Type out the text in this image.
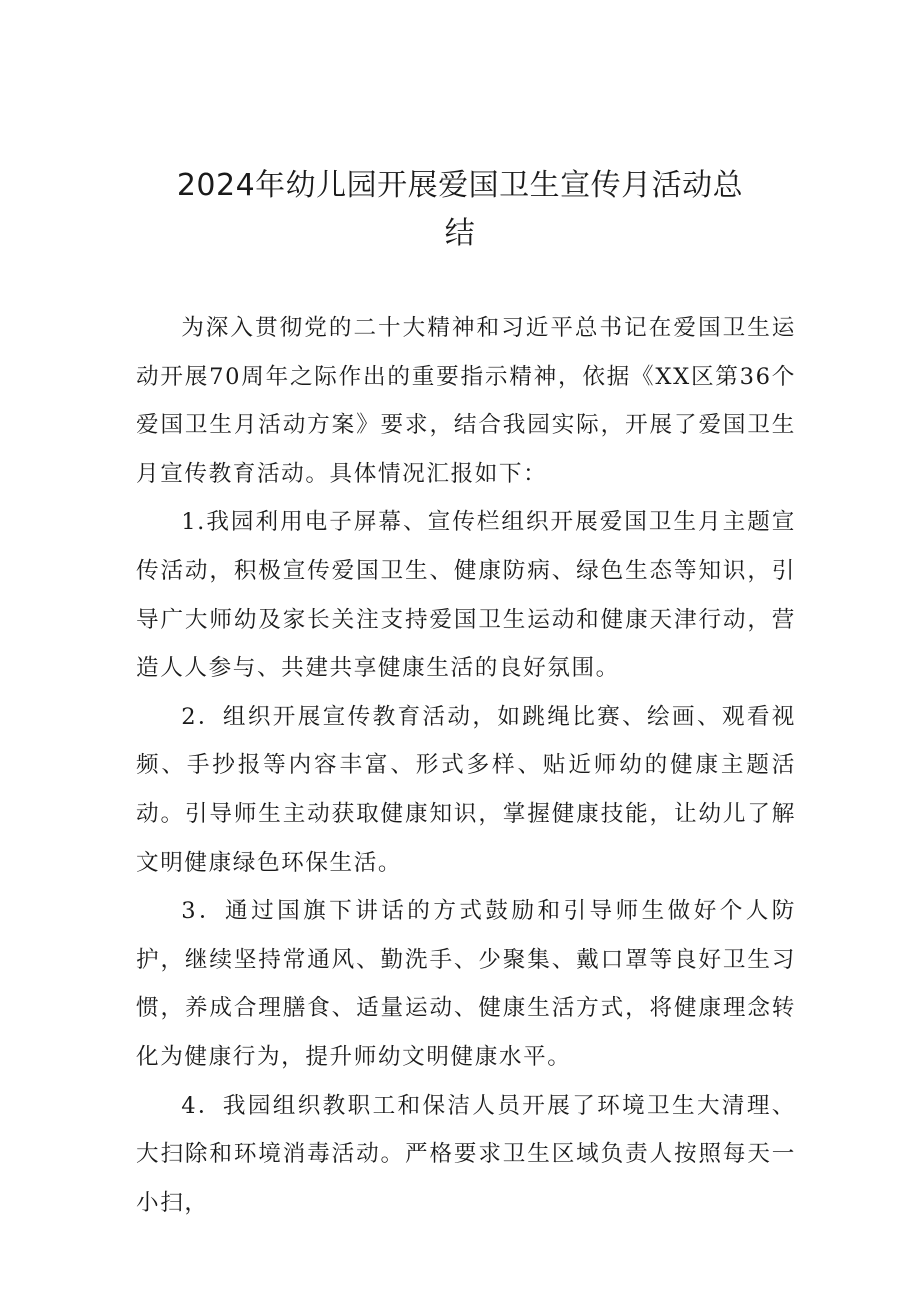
2024年幼儿园开展爱国卫生宣传月活动总
结

为深入贯彻党的二十大精神和习近平总书记在爱国卫生运动开展70周年之际作出的重要指示精神，依据《XX区第36个爱国卫生月活动方案》要求，结合我园实际，开展了爱国卫生月宣传教育活动。具体情况汇报如下：

1.我园利用电子屏幕、宣传栏组织开展爱国卫生月主题宣传活动，积极宣传爱国卫生、健康防病、绿色生态等知识，引导广大师幼及家长关注支持爱国卫生运动和健康天津行动，营造人人参与、共建共享健康生活的良好氛围。

2．组织开展宣传教育活动，如跳绳比赛、绘画、观看视频、手抄报等内容丰富、形式多样、贴近师幼的健康主题活动。引导师生主动获取健康知识，掌握健康技能，让幼儿了解文明健康绿色环保生活。

3．通过国旗下讲话的方式鼓励和引导师生做好个人防护，继续坚持常通风、勤洗手、少聚集、戴口罩等良好卫生习惯，养成合理膳食、适量运动、健康生活方式，将健康理念转化为健康行为，提升师幼文明健康水平。

4．我园组织教职工和保洁人员开展了环境卫生大清理、大扫除和环境消毒活动。严格要求卫生区域负责人按照每天一小扫，
